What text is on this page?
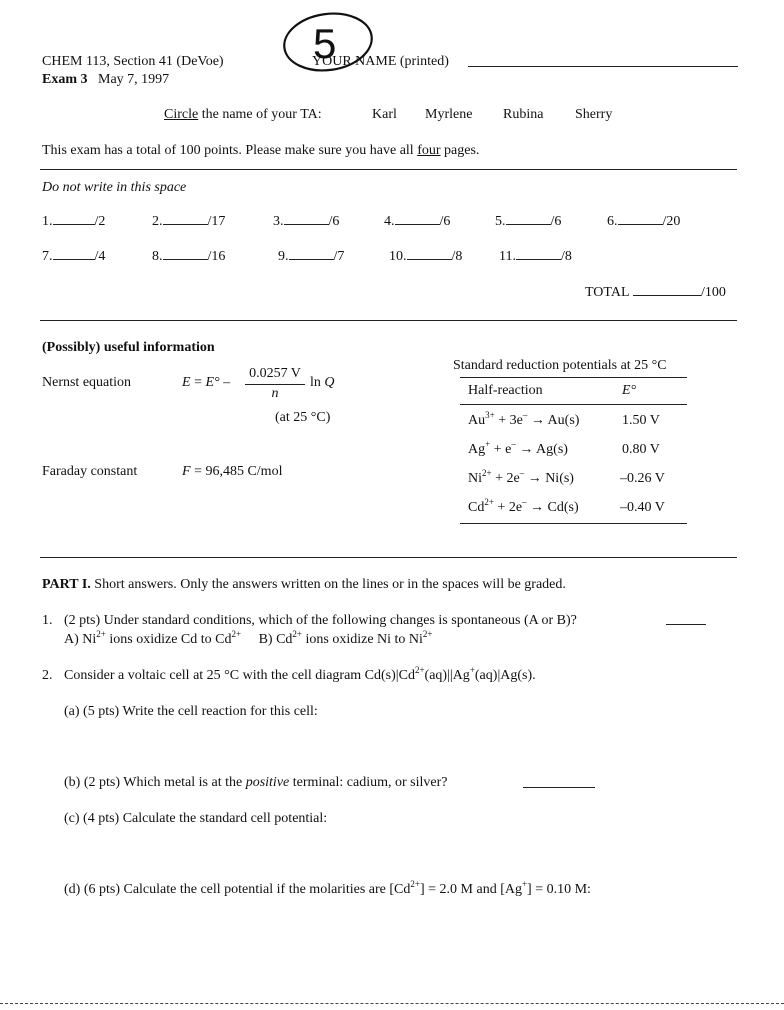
CHEM 113, Section 41 (DeVoe)
Exam 3 May 7, 1997
5
YOUR NAME (printed)
Circle the name of your TA:	Karl Myrlene Rubina Sherry
This exam has a total of 100 points. Please make sure you have all four pages.
Do not write in this space
1.	/2	2.	/17	3.	/6	4.	/6	5.	/6	6.	/20
7.	/4	8.	/16	9.	/7	10.	/8	11.	/8
TOTAL	/100
(Possibly) useful information
Nernst equation	E = E° –
0.0257 V
n
ln Q
(at 25 °C)
Faraday constant	F = 96,485 C/mol
Standard reduction potentials at 25 °C
Half-reaction	E°
$Au^{3+} + 3e^- \to Au(s)$	1.50 V
Ag+ + e– → Ag(s)	0.80 V
$Ni^{2+} + 2e^- \to Ni(s)$	–0.26 V
$Cd^{2+} + 2e^- \to Cd(s)$	–0.40 V
PART I. Short answers. Only the answers written on the lines or in the spaces will be graded.
1. (2 pts) Under standard conditions, which of the following changes is spontaneous (A or B)?
A) $Ni^{2+}$ ions oxidize Cd to $Cd^{2+}$ B) $Cd^{2+}$ ions oxidize Ni to $Ni^{2+}$
2. Consider a voltaic cell at 25 °C with the cell diagram $Cd(s)|Cd^{2+}(aq)||Ag^+(aq)|Ag(s)$.
(a) (5 pts) Write the cell reaction for this cell:
(b) (2 pts) Which metal is at the positive terminal: cadium, or silver?
(c) (4 pts) Calculate the standard cell potential:
(d) (6 pts) Calculate the cell potential if the molarities are $[Cd^{2+}] = 2.0$ M and [Ag+] = 0.10 M:
